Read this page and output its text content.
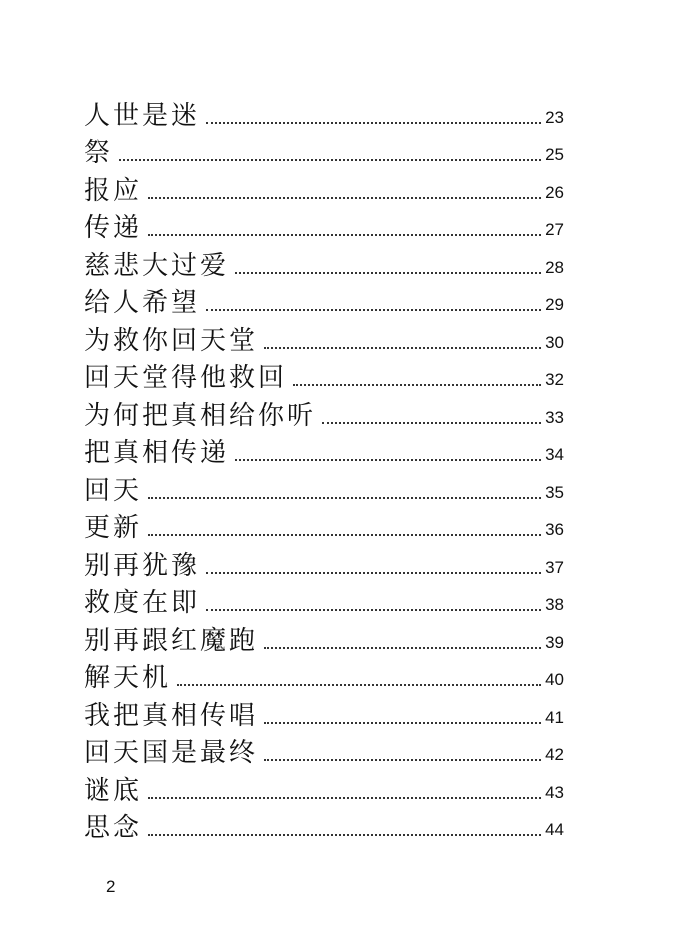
人世是迷	23
祭	25
报应	26
传递	27
慈悲大过爱	28
给人希望	29
为救你回天堂	30
回天堂得他救回	32
为何把真相给你听	33
把真相传递	34
回天	35
更新	36
别再犹豫	37
救度在即	38
别再跟红魔跑	39
解天机	40
我把真相传唱	41
回天国是最终	42
谜底	43
思念	44
2
